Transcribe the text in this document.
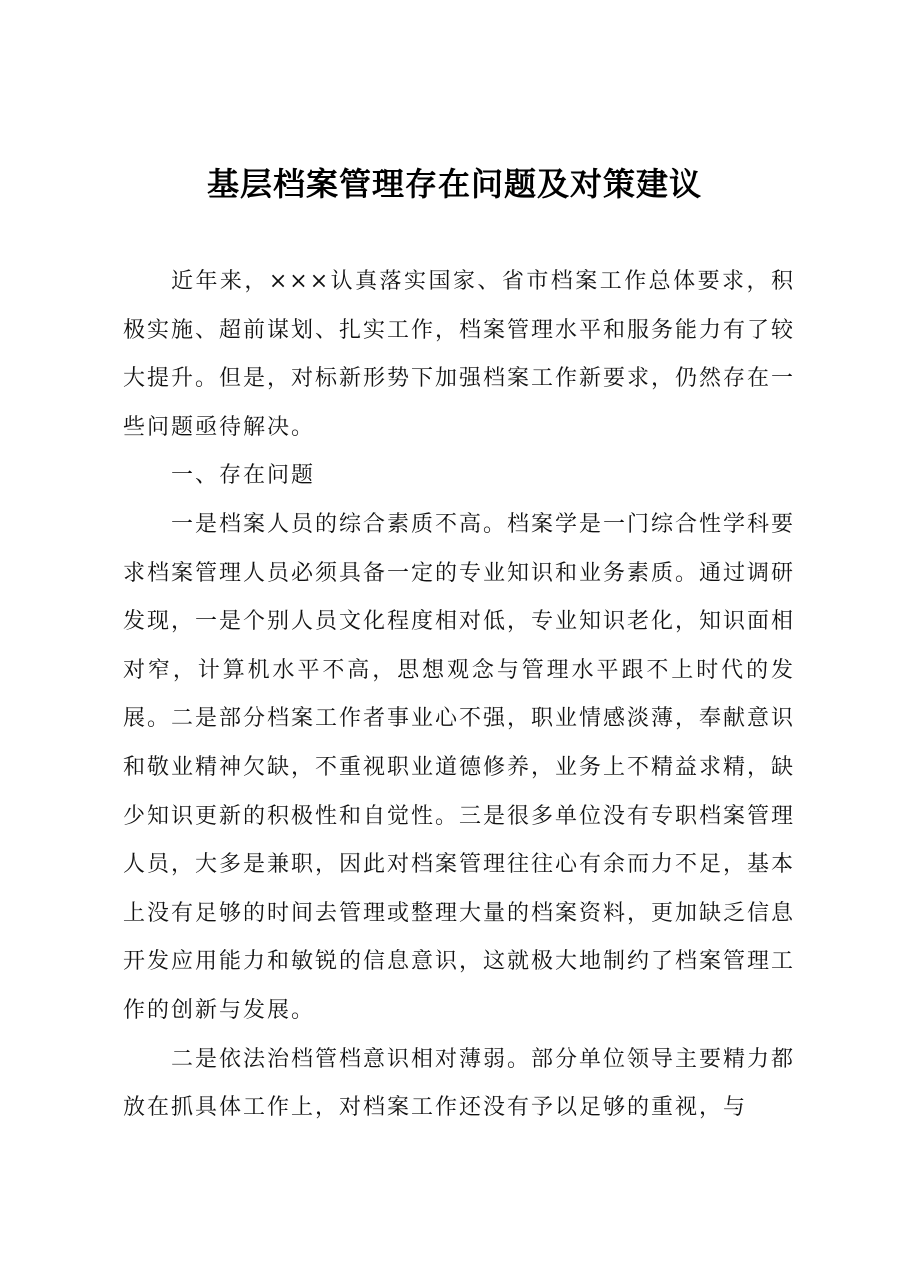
基层档案管理存在问题及对策建议

近年来，×××认真落实国家、省市档案工作总体要求，积极实施、超前谋划、扎实工作，档案管理水平和服务能力有了较大提升。但是，对标新形势下加强档案工作新要求，仍然存在一些问题亟待解决。

一、存在问题

一是档案人员的综合素质不高。档案学是一门综合性学科要求档案管理人员必须具备一定的专业知识和业务素质。通过调研发现，一是个别人员文化程度相对低，专业知识老化，知识面相对窄，计算机水平不高，思想观念与管理水平跟不上时代的发展。二是部分档案工作者事业心不强，职业情感淡薄，奉献意识和敬业精神欠缺，不重视职业道德修养，业务上不精益求精，缺少知识更新的积极性和自觉性。三是很多单位没有专职档案管理人员，大多是兼职，因此对档案管理往往心有余而力不足，基本上没有足够的时间去管理或整理大量的档案资料，更加缺乏信息开发应用能力和敏锐的信息意识，这就极大地制约了档案管理工作的创新与发展。

二是依法治档管档意识相对薄弱。部分单位领导主要精力都放在抓具体工作上，对档案工作还没有予以足够的重视，与
